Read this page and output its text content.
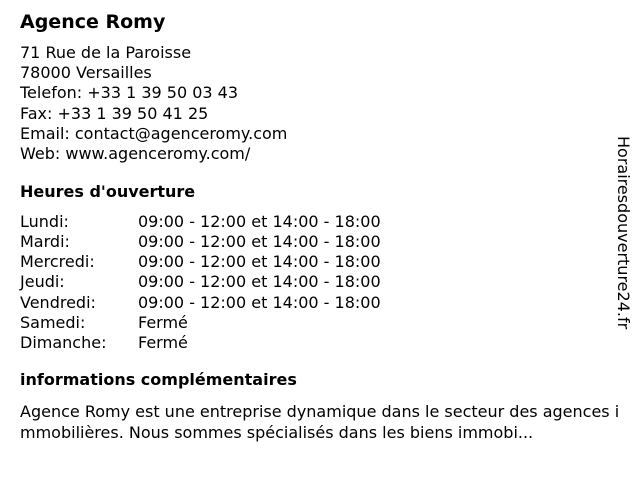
Agence Romy
71 Rue de la Paroisse
78000 Versailles
Telefon: +33 1 39 50 03 43
Fax: +33 1 39 50 41 25
Email: contact@agenceromy.com
Web: www.agenceromy.com/
Heures d'ouverture
Lundi:	09:00 - 12:00 et 14:00 - 18:00
Mardi:	09:00 - 12:00 et 14:00 - 18:00
Mercredi:	09:00 - 12:00 et 14:00 - 18:00
Jeudi:	09:00 - 12:00 et 14:00 - 18:00
Vendredi:	09:00 - 12:00 et 14:00 - 18:00
Samedi:	Fermé
Dimanche:	Fermé
informations complémentaires
Agence Romy est une entreprise dynamique dans le secteur des agences immobilières. Nous sommes spécialisés dans les biens immobi...
Horairesdouverture24.fr
